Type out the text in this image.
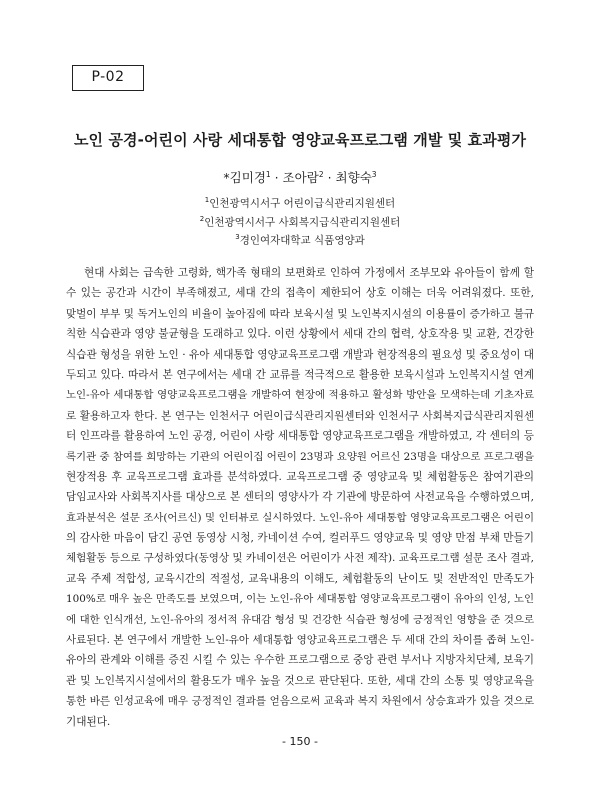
P-02
노인 공경-어린이 사랑 세대통합 영양교육프로그램 개발 및 효과평가
*김미경$^1$ · 조아람$^2$ · 최향숙$^3$
$^1$인천광역시서구 어린이급식관리지원센터
$^2$인천광역시서구 사회복지급식관리지원센터
$^3$경인여자대학교 식품영양과
현대 사회는 급속한 고령화, 핵가족 형태의 보편화로 인하여 가정에서 조부모와 유아들이 함께 할
수 있는 공간과 시간이 부족해졌고, 세대 간의 접촉이 제한되어 상호 이해는 더욱 어려워졌다. 또한,
맞벌이 부부 및 독거노인의 비율이 높아짐에 따라 보육시설 및 노인복지시설의 이용률이 증가하고 불규
칙한 식습관과 영양 불균형을 도래하고 있다. 이런 상황에서 세대 간의 협력, 상호작용 및 교환, 건강한
식습관 형성을 위한 노인 · 유아 세대통합 영양교육프로그램 개발과 현장적용의 필요성 및 중요성이 대
두되고 있다. 따라서 본 연구에서는 세대 간 교류를 적극적으로 활용한 보육시설과 노인복지시설 연계
노인-유아 세대통합 영양교육프로그램을 개발하여 현장에 적용하고 활성화 방안을 모색하는데 기초자료
로 활용하고자 한다. 본 연구는 인천서구 어린이급식관리지원센터와 인천서구 사회복지급식관리지원센
터 인프라를 활용하여 노인 공경, 어린이 사랑 세대통합 영양교육프로그램을 개발하였고, 각 센터의 등
록기관 중 참여를 희망하는 기관의 어린이집 어린이 23명과 요양원 어르신 23명을 대상으로 프로그램을
현장적용 후 교육프로그램 효과를 분석하였다. 교육프로그램 중 영양교육 및 체험활동은 참여기관의
담임교사와 사회복지사를 대상으로 본 센터의 영양사가 각 기관에 방문하여 사전교육을 수행하였으며,
효과분석은 설문 조사(어르신) 및 인터뷰로 실시하였다. 노인-유아 세대통합 영양교육프로그램은 어린이
의 감사한 마음이 담긴 공연 동영상 시청, 카네이션 수여, 컬러푸드 영양교육 및 영양 만점 부채 만들기
체험활동 등으로 구성하였다(동영상 및 카네이션은 어린이가 사전 제작). 교육프로그램 설문 조사 결과,
교육 주제 적합성, 교육시간의 적절성, 교육내용의 이해도, 체험활동의 난이도 및 전반적인 만족도가
100%로 매우 높은 만족도를 보였으며, 이는 노인-유아 세대통합 영양교육프로그램이 유아의 인성, 노인
에 대한 인식개선, 노인-유아의 정서적 유대감 형성 및 건강한 식습관 형성에 긍정적인 영향을 준 것으로
사료된다. 본 연구에서 개발한 노인-유아 세대통합 영양교육프로그램은 두 세대 간의 차이를 좁혀 노인-
유아의 관계와 이해를 증진 시킬 수 있는 우수한 프로그램으로 중앙 관련 부서나 지방자치단체, 보육기
관 및 노인복지시설에서의 활용도가 매우 높을 것으로 판단된다. 또한, 세대 간의 소통 및 영양교육을
통한 바른 인성교육에 매우 긍정적인 결과를 얻음으로써 교육과 복지 차원에서 상승효과가 있을 것으로
기대된다.
- 150 -
